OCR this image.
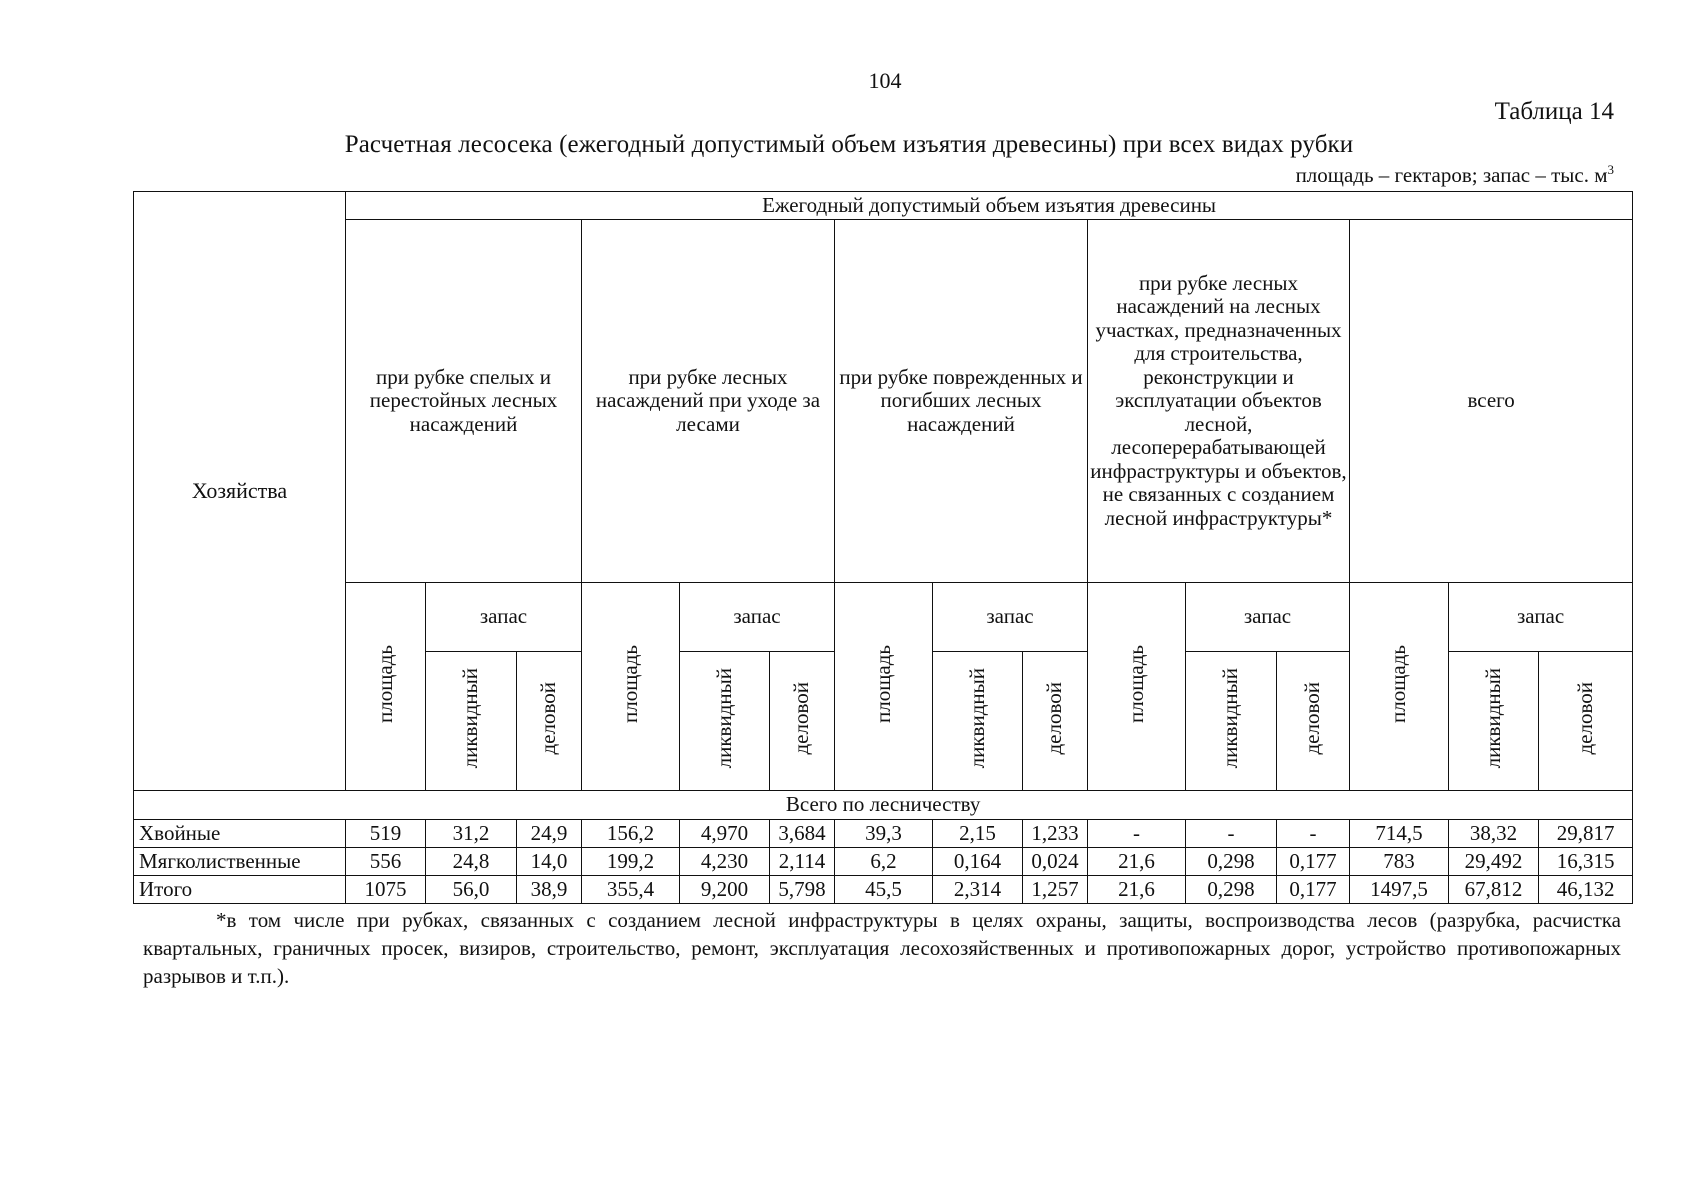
104
Таблица 14
Расчетная лесосека (ежегодный допустимый объем изъятия древесины) при всех видах рубки
площадь – гектаров; запас – тыс. $м^3$
Хозяйства	Ежегодный допустимый объем изъятия древесины														
	при рубке спелых и перестойных лесных насаждений			при рубке лесных насаждений при уходе за лесами			при рубке поврежденных и погибших лесных насаждений			при рубке лесных насаждений на лесных участках, предназначенных для строительства, реконструкции и эксплуатации объектов лесной, лесоперерабатывающей инфраструктуры и объектов, не связанных с созданием лесной инфраструктуры*			всего		
	площадь	запас		площадь	запас		площадь	запас		площадь	запас		площадь	запас	
		ликвидный	деловой		ликвидный	деловой		ликвидный	деловой		ликвидный	деловой		ликвидный	деловой
Всего по лесничеству															
Хвойные	519	31,2	24,9	156,2	4,970	3,684	39,3	2,15	1,233	-	-	-	714,5	38,32	29,817
Мягколиственные	556	24,8	14,0	199,2	4,230	2,114	6,2	0,164	0,024	21,6	0,298	0,177	783	29,492	16,315
Итого	1075	56,0	38,9	355,4	9,200	5,798	45,5	2,314	1,257	21,6	0,298	0,177	1497,5	67,812	46,132
*в том числе при рубках, связанных с созданием лесной инфраструктуры в целях охраны, защиты, воспроизводства лесов (разрубка, расчистка квартальных, граничных просек, визиров, строительство, ремонт, эксплуатация лесохозяйственных и противопожарных дорог, устройство противопожарных разрывов и т.п.).
